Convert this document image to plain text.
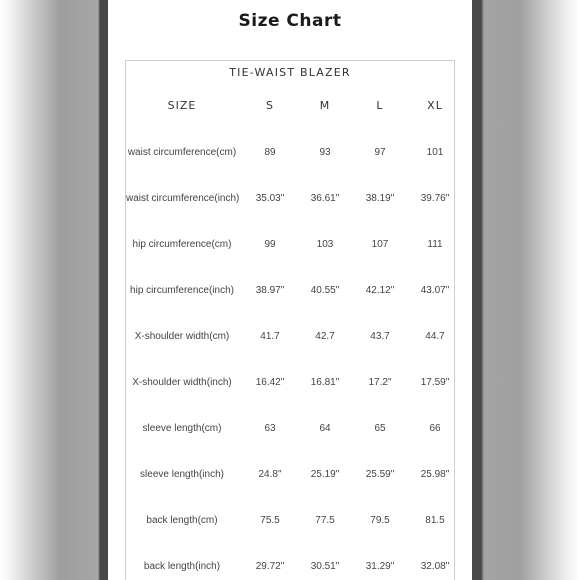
Size Chart
TIE-WAIST BLAZER
SIZE	S	M	L	XL
waist circumference(cm)	89	93	97	101
waist circumference(inch)	35.03"	36.61"	38.19"	39.76"
hip circumference(cm)	99	103	107	111
hip circumference(inch)	38.97"	40.55"	42.12"	43.07"
X-shoulder width(cm)	41.7	42.7	43.7	44.7
X-shoulder width(inch)	16.42"	16.81"	17.2"	17.59"
sleeve length(cm)	63	64	65	66
sleeve length(inch)	24.8"	25.19"	25.59"	25.98"
back length(cm)	75.5	77.5	79.5	81.5
back length(inch)	29.72"	30.51"	31.29"	32.08"
